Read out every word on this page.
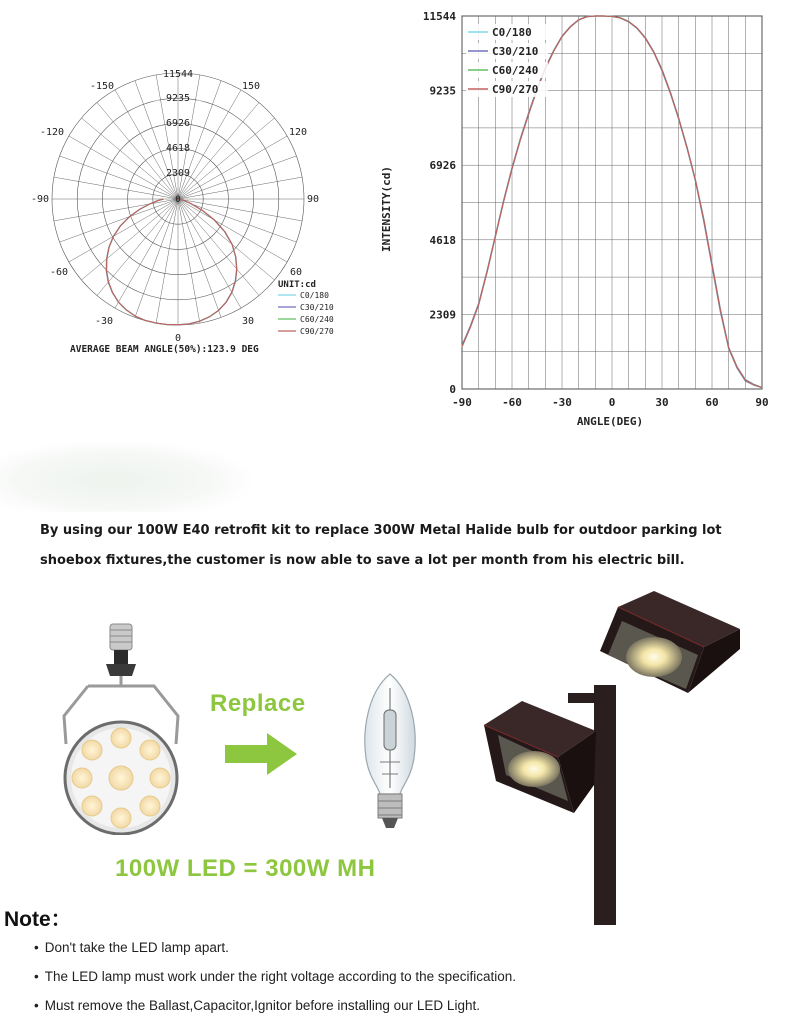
11544
9235
6926
4618
2309
0
-150	150
-120	120
-90	90
-60	60
-30	30
0
180
UNIT:cd
C0/180
C30/210
C60/240
C90/270
AVERAGE BEAM ANGLE(50%):123.9 DEG
0
2309
4618
6926
9235
11544
-90	-60	-30	0	30	60	90
C0/180
C30/210
C60/240
C90/270
ANGLE(DEG)
INTENSITY(cd)

By using our 100W E40 retrofit kit to replace 300W Metal Halide bulb for outdoor parking lot shoebox fixtures,the customer is now able to save a lot per month from his electric bill.

Replace
100W LED = 300W MH
Note：
• Don't take the LED lamp apart.
• The LED lamp must work under the right voltage according to the specification.
• Must remove the Ballast,Capacitor,Ignitor before installing our LED Light.
